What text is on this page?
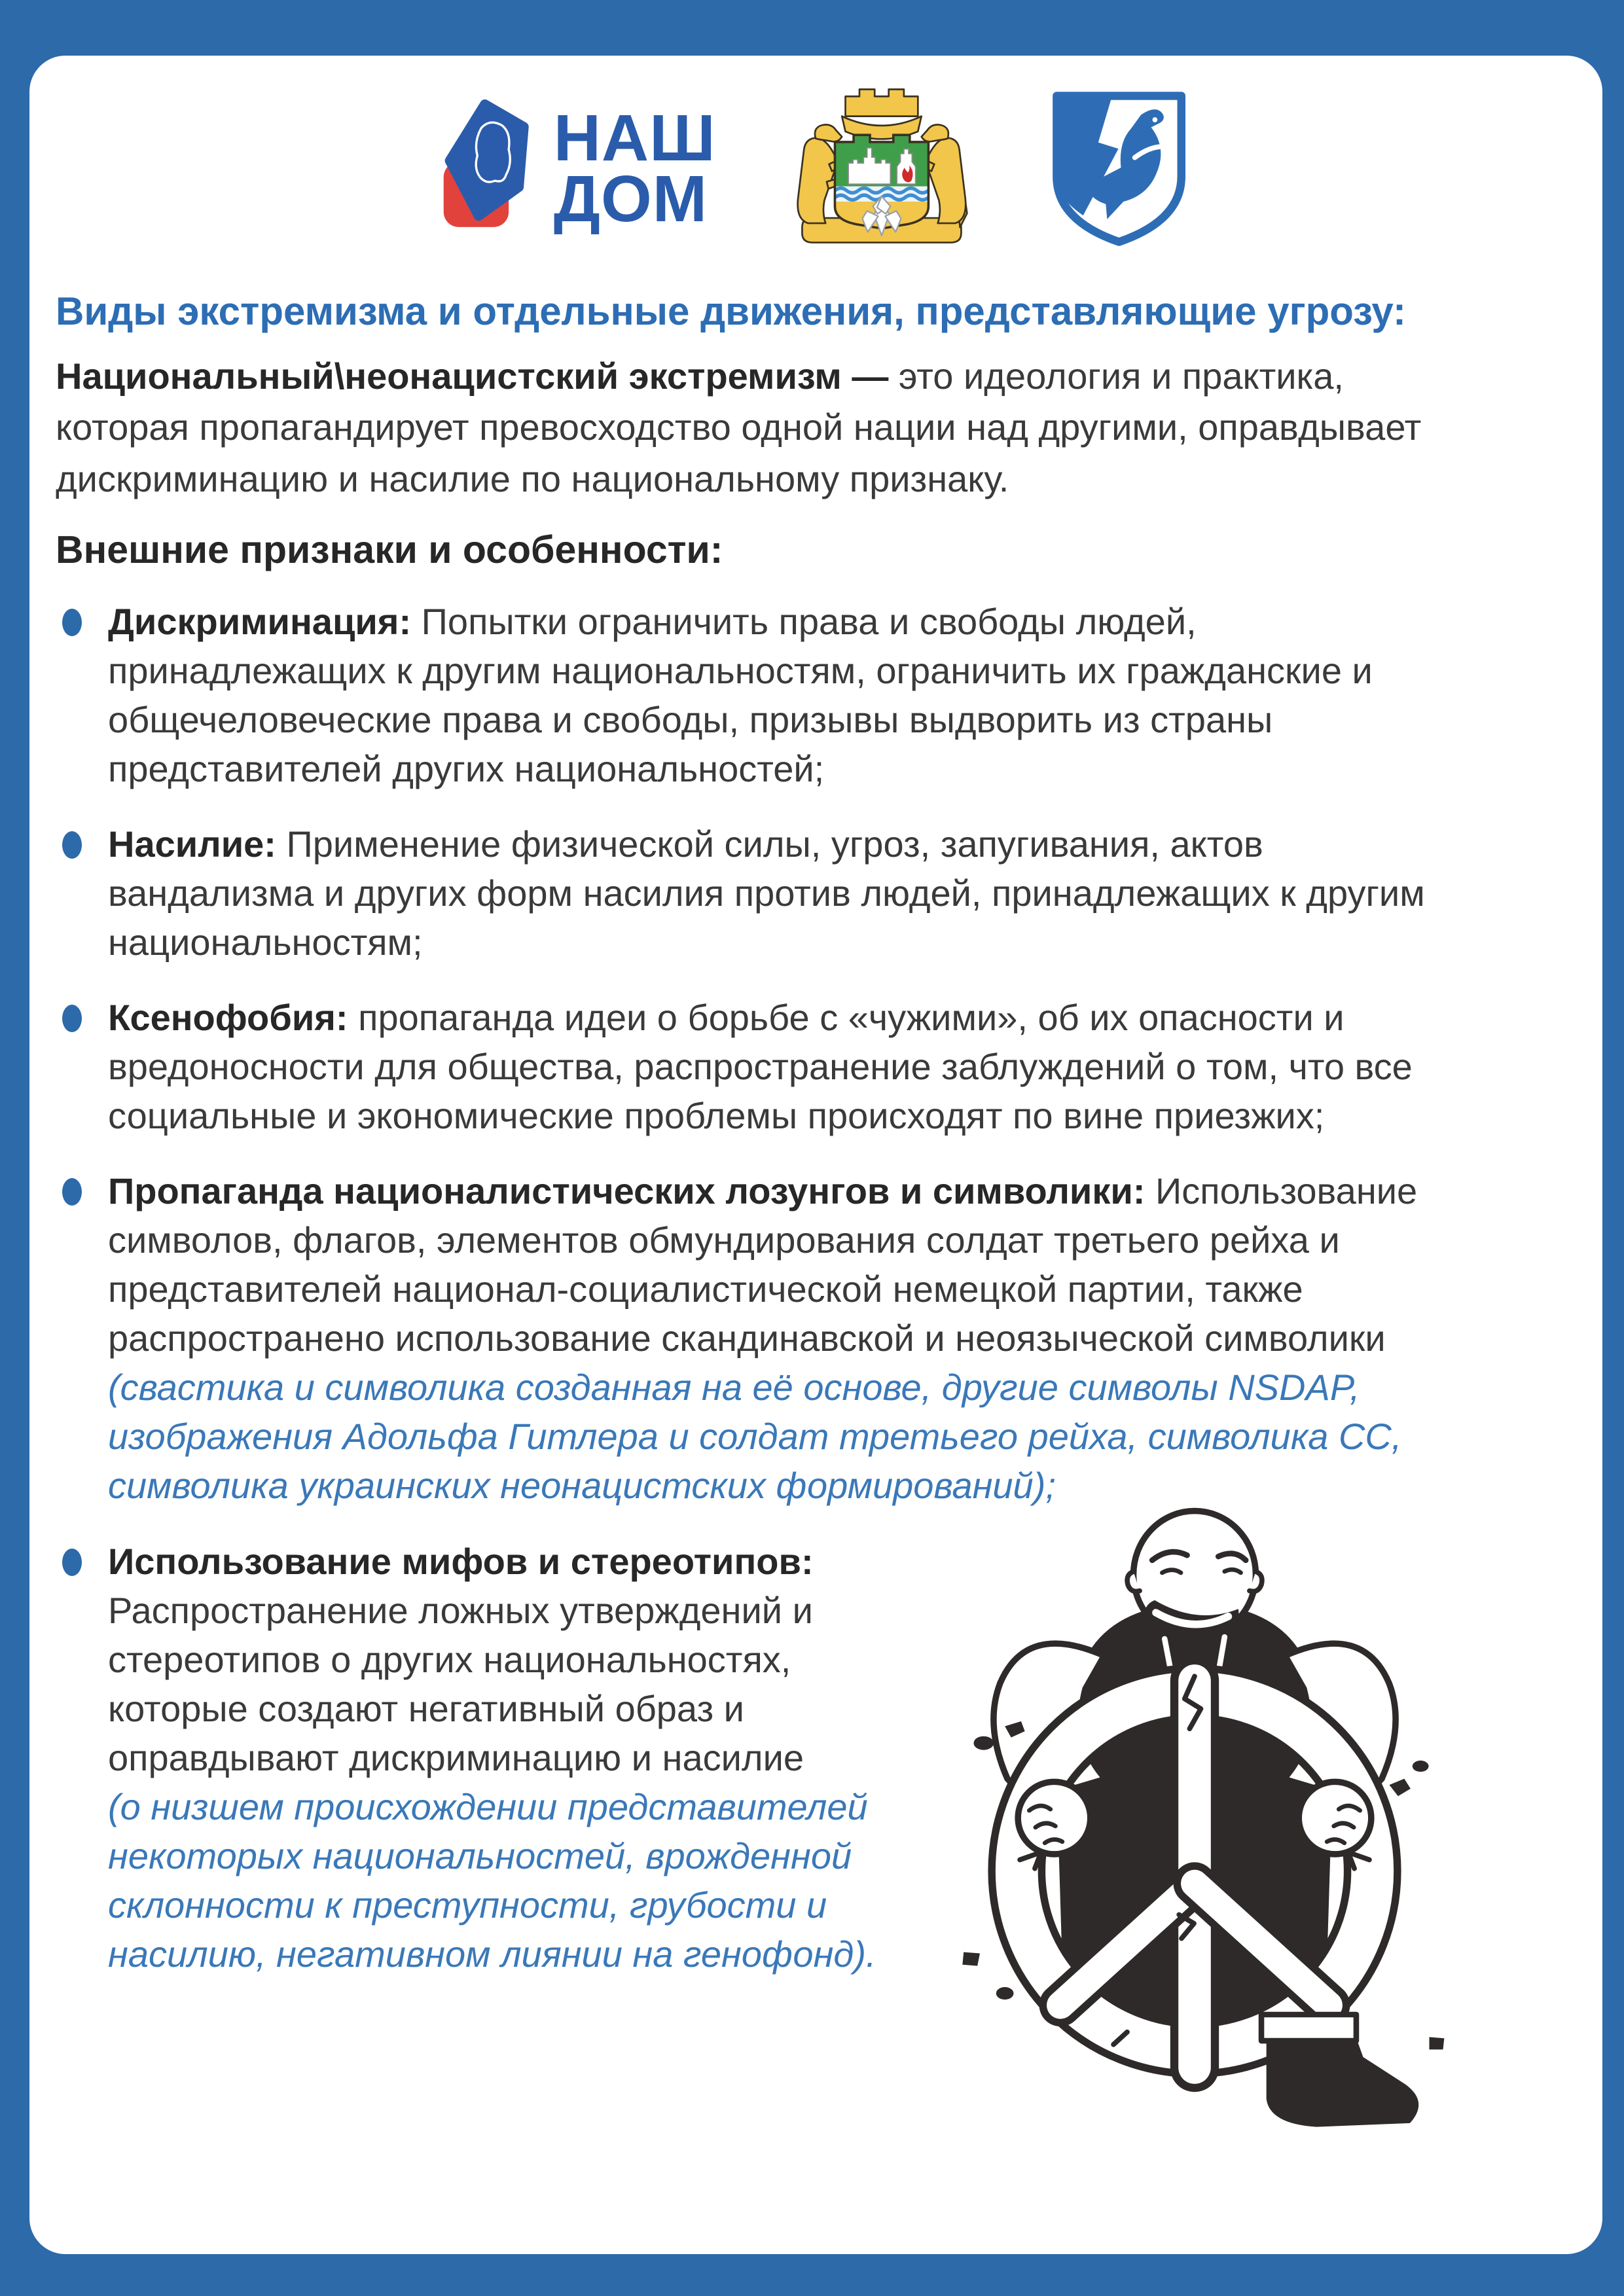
НАШ
ДОМ
Виды экстремизма и отдельные движения, представляющие угрозу:

Национальный\неонацистский экстремизм — это идеология и практика, которая пропагандирует превосходство одной нации над другими, оправдывает дискриминацию и насилие по национальному признаку.

Внешние признаки и особенности:
Дискриминация: Попытки ограничить права и свободы людей, принадлежащих к другим национальностям, ограничить их гражданские и общечеловеческие права и свободы, призывы выдворить из страны представителей других национальностей;
Насилие: Применение физической силы, угроз, запугивания, актов вандализма и других форм насилия против людей, принадлежащих к другим национальностям;
Ксенофобия: пропаганда идеи о борьбе с «чужими», об их опасности и вредоносности для общества, распространение заблуждений о том, что все социальные и экономические проблемы происходят по вине приезжих;
Пропаганда националистических лозунгов и символики: Использование символов, флагов, элементов обмундирования солдат третьего рейха и представителей национал-социалистической немецкой партии, также распространено использование скандинавской и неоязыческой символики
(свастика и символика созданная на её основе, другие символы NSDAP, изображения Адольфа Гитлера и солдат третьего рейха, символика СС, символика украинских неонацистских формирований);
Использование мифов и стереотипов: Распространение ложных утверждений и стереотипов о других национальностях, которые создают негативный образ и оправдывают дискриминацию и насилие
(о низшем происхождении представителей некоторых национальностей, врожденной склонности к преступности, грубости и насилию, негативном лиянии на генофонд).
